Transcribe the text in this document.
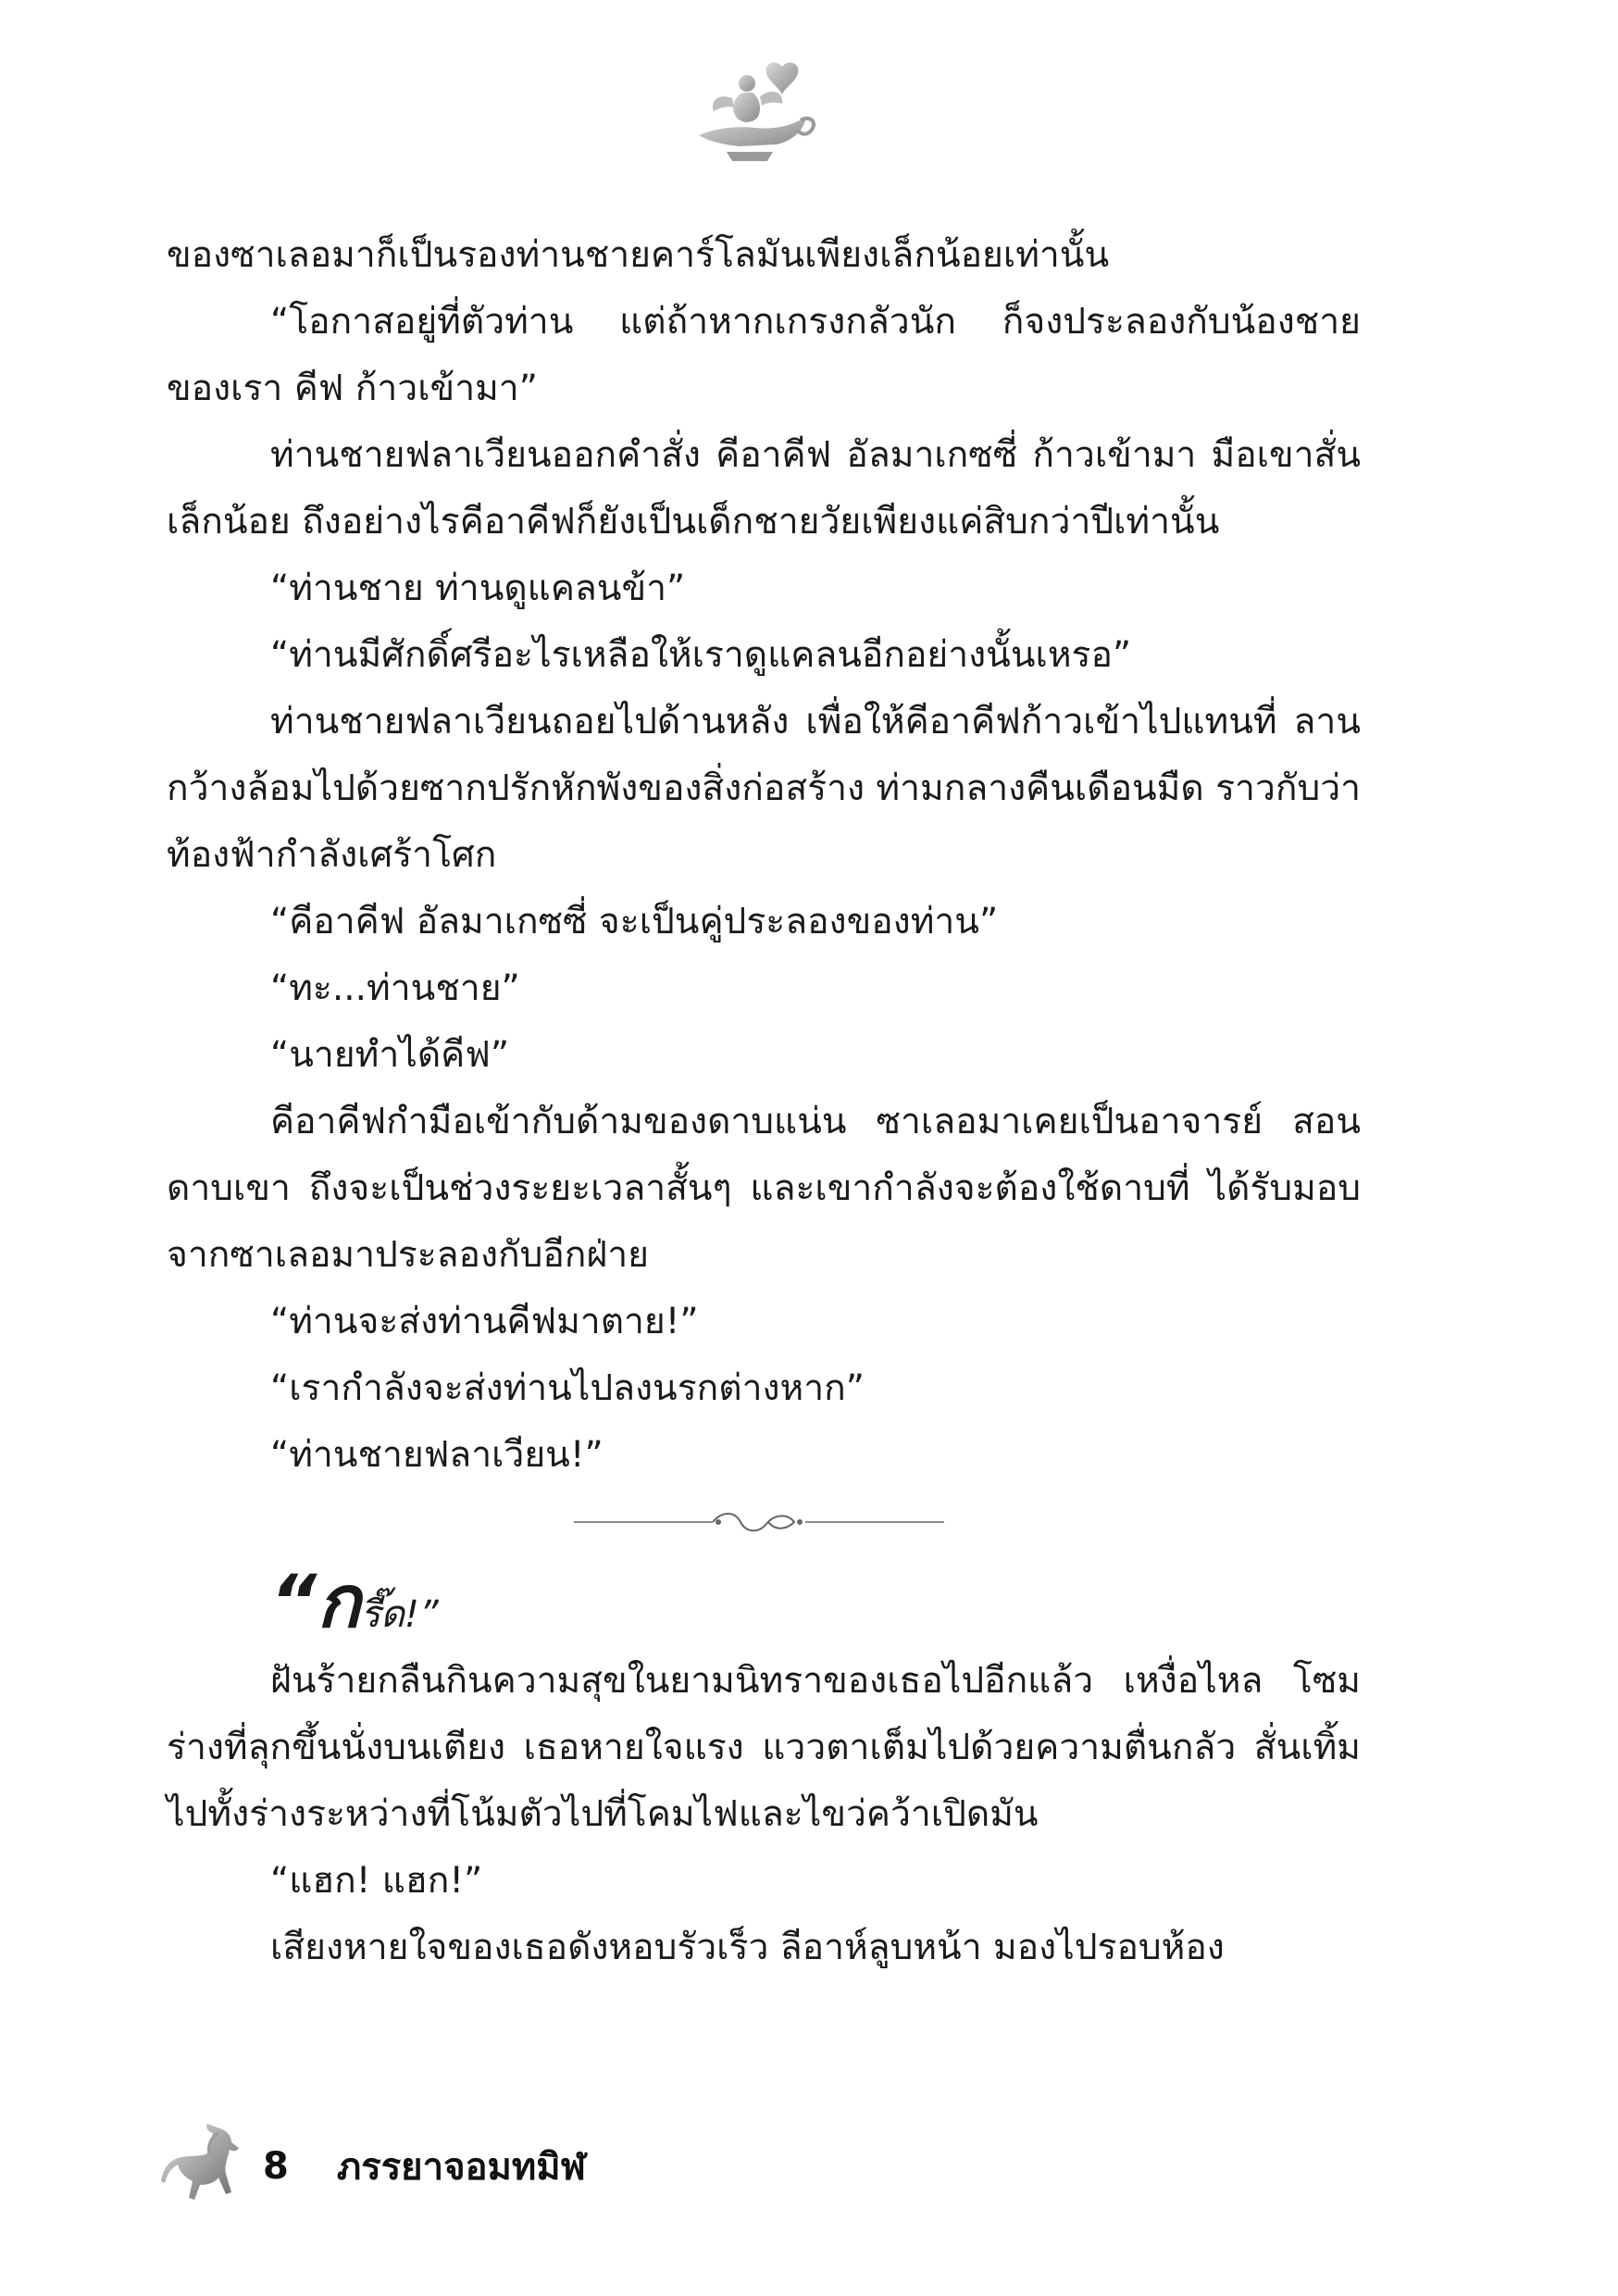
ของซาเลอมาก็เป็นรองท่านชายคาร์โลมันเพียงเล็กน้อยเท่านั้น

“โอกาสอยู่ที่ตัวท่าน แต่ถ้าหากเกรงกลัวนัก ก็จงประลองกับน้องชาย ของเรา คีฟ ก้าวเข้ามา”

ท่านชายฟลาเวียนออกคำสั่ง คีอาคีฟ อัลมาเกซซี่ ก้าวเข้ามา มือเขาสั่นเล็กน้อย ถึงอย่างไรคีอาคีฟก็ยังเป็นเด็กชายวัยเพียงแค่สิบกว่าปีเท่านั้น

“ท่านชาย ท่านดูแคลนข้า”

“ท่านมีศักดิ์ศรีอะไรเหลือให้เราดูแคลนอีกอย่างนั้นเหรอ”

ท่านชายฟลาเวียนถอยไปด้านหลัง เพื่อให้คีอาคีฟก้าวเข้าไปแทนที่ ลานกว้างล้อมไปด้วยซากปรักหักพังของสิ่งก่อสร้าง ท่ามกลางคืนเดือนมืด ราวกับว่าท้องฟ้ากำลังเศร้าโศก

“คีอาคีฟ อัลมาเกซซี่ จะเป็นคู่ประลองของท่าน”

“ทะ...ท่านชาย”

“นายทำได้คีฟ”

คีอาคีฟกำมือเข้ากับด้ามของดาบแน่น ซาเลอมาเคยเป็นอาจารย์ สอนดาบเขา ถึงจะเป็นช่วงระยะเวลาสั้นๆ และเขากำลังจะต้องใช้ดาบที่ ได้รับมอบจากซาเลอมาประลองกับอีกฝ่าย

“ท่านจะส่งท่านคีฟมาตาย!”

“เรากำลังจะส่งท่านไปลงนรกต่างหาก”

“ท่านชายฟลาเวียน!”

“กรี๊ด!”

ฝันร้ายกลืนกินความสุขในยามนิทราของเธอไปอีกแล้ว เหงื่อไหล โซมร่างที่ลุกขึ้นนั่งบนเตียง เธอหายใจแรง แววตาเต็มไปด้วยความตื่นกลัว สั่นเทิ้มไปทั้งร่างระหว่างที่โน้มตัวไปที่โคมไฟและไขว่คว้าเปิดมัน

“แฮก! แฮก!”

เสียงหายใจของเธอดังหอบรัวเร็ว ลีอาห์ลูบหน้า มองไปรอบห้อง

8 ภรรยาจอมทมิฬ
